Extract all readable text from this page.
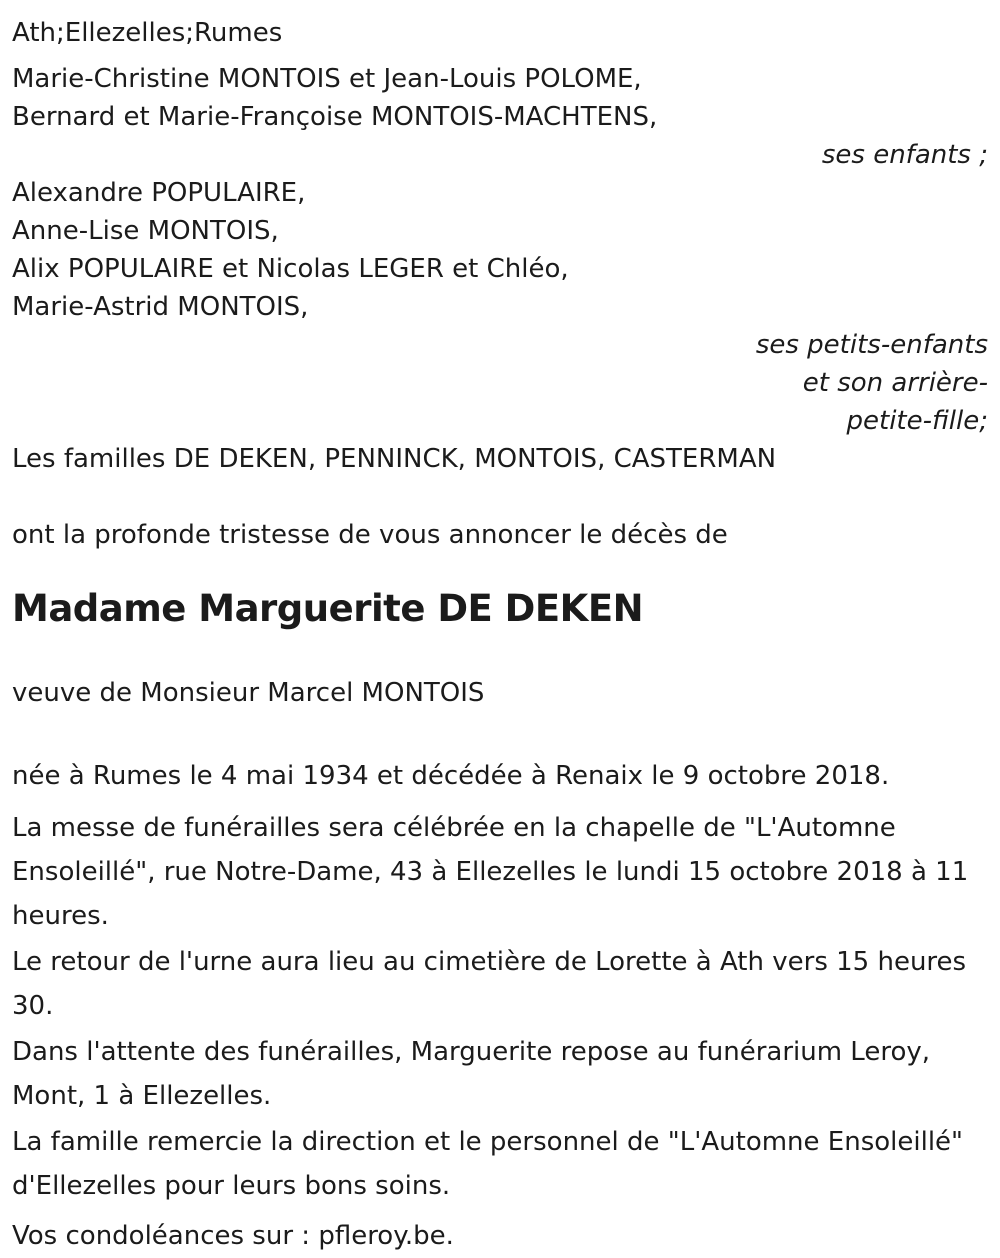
Ath;Ellezelles;Rumes
Marie-Christine MONTOIS et Jean-Louis POLOME,
Bernard et Marie-Françoise MONTOIS-MACHTENS,
ses enfants ;
Alexandre POPULAIRE,
Anne-Lise MONTOIS,
Alix POPULAIRE et Nicolas LEGER et Chléo,
Marie-Astrid MONTOIS,
ses petits-enfants
et son arrière-
petite-fille;
Les familles DE DEKEN, PENNINCK, MONTOIS, CASTERMAN
ont la profonde tristesse de vous annoncer le décès de
Madame Marguerite DE DEKEN
veuve de Monsieur Marcel MONTOIS
née à Rumes le 4 mai 1934 et décédée à Renaix le 9 octobre 2018.
La messe de funérailles sera célébrée en la chapelle de "L'Automne
Ensoleillé", rue Notre-Dame, 43 à Ellezelles le lundi 15 octobre 2018 à 11
heures.
Le retour de l'urne aura lieu au cimetière de Lorette à Ath vers 15 heures
30.
Dans l'attente des funérailles, Marguerite repose au funérarium Leroy,
Mont, 1 à Ellezelles.
La famille remercie la direction et le personnel de "L'Automne Ensoleillé"
d'Ellezelles pour leurs bons soins.
Vos condoléances sur : pfleroy.be.
